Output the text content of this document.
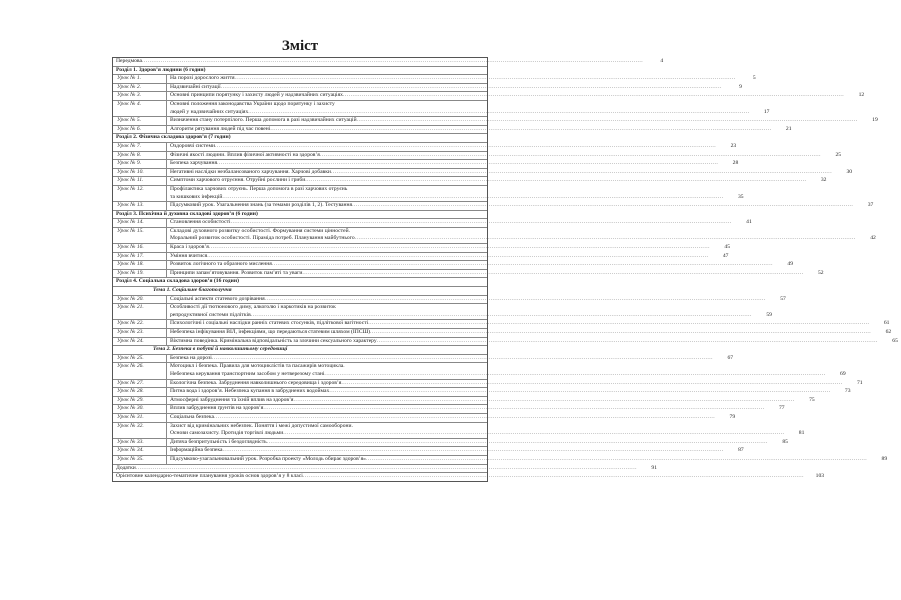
Зміст
Передмова .....	4
Розділ 1. Здоров’я людини (6 годин)
Урок № 1.	На порозі дорослого життя .....	5
Урок № 2.	Надзвичайні ситуації .....	9
Урок № 3.	Основні принципи порятунку і захисту людей у надзвичайних ситуаціях .....	12
Урок № 4.	Основні положення законодавства України щодо порятунку і захисту
людей у надзвичайних ситуаціях .....	17
Урок № 5.	Визначення стану потерпілого. Перша допомога в разі надзвичайних ситуацій .....	19
Урок № 6.	Алгоритм рятування людей під час повені .....	21
Розділ 2. Фізична складова здоров’я (7 годин)
Урок № 7.	Оздоровчі системи .....	23
Урок № 8.	Фізичні якості людини. Вплив фізичної активності на здоров’я .....	25
Урок № 9.	Безпека харчування .....	28
Урок № 10.	Негативні наслідки незбалансованого харчування. Харчові добавки .....	30
Урок № 11.	Симптоми харчового отруєння. Отруйні рослини і гриби .....	32
Урок № 12.	Профілактика харчових отруєнь. Перша допомога в разі харчових отруєнь
та кишкових інфекцій .....	35
Урок № 13.	Підсумковий урок. Узагальнення знань (за темами розділів 1, 2). Тестування .....	37
Розділ 3. Психічна й духовна складові здоров’я (6 годин)
Урок № 14.	Становлення особистості .....	41
Урок № 15.	Складові духовного розвитку особистості. Формування системи цінностей.
Моральний розвиток особистості. Піраміда потреб. Планування майбутнього .....	42
Урок № 16.	Краса і здоров’я .....	45
Урок № 17.	Уміння вчитися .....	47
Урок № 18.	Розвиток логічного та образного мислення .....	49
Урок № 19.	Принципи запам’ятовування. Розвиток пам’яті та уваги .....	52
Розділ 4. Соціальна складова здоров’я (16 годин)
Тема 1. Соціальне благополуччя
Урок № 20.	Соціальні аспекти статевого дозрівання .....	57
Урок № 21.	Особливості дії тютюнового диму, алкоголю і наркотиків на розвиток
репродуктивної системи підлітків .....	59
Урок № 22.	Психологічні і соціальні наслідки ранніх статевих стосунків, підліткової вагітності .....	61
Урок № 23.	Небезпека інфікування ВІЛ, інфекціями, що передаються статевим шляхом (ІПСШ) .....	62
Урок № 24.	Віктимна поведінка. Кримінальна відповідальність за злочини сексуального характеру .....	65
Тема 2. Безпека в побуті й навколишньому середовищі
Урок № 25.	Безпека на дорозі .....	67
Урок № 26.	Мотоцикл і безпека. Правила для мотоциклістів та пасажирів мотоцикла.
Небезпека керування транспортним засобом у нетверезому стані .....	69
Урок № 27.	Екологічна безпека. Забруднення навколишнього середовища і здоров’я .....	71
Урок № 28.	Питна вода і здоров’я. Небезпека купання в забруднених водоймах .....	73
Урок № 29.	Атмосферні забруднення та їхній вплив на здоров’я .....	75
Урок № 30.	Вплив забруднення ґрунтів на здоров’я .....	77
Урок № 31.	Соціальна безпека .....	79
Урок № 32.	Захист від кримінальних небезпек. Поняття і межі допустимої самооборони.
Основи самозахисту. Протидія торгівлі людьми .....	81
Урок № 33.	Дитяча безпритульність і бездоглядність .....	85
Урок № 34.	Інформаційна безпека .....	87
Урок № 35.	Підсумково-узагальнювальний урок. Розробка проекту «Молодь обирає здоров’я» .....	89
Додатки .....	91
Орієнтовне календарно-тематичне планування уроків основ здоров’я у 8 класі .....	103
